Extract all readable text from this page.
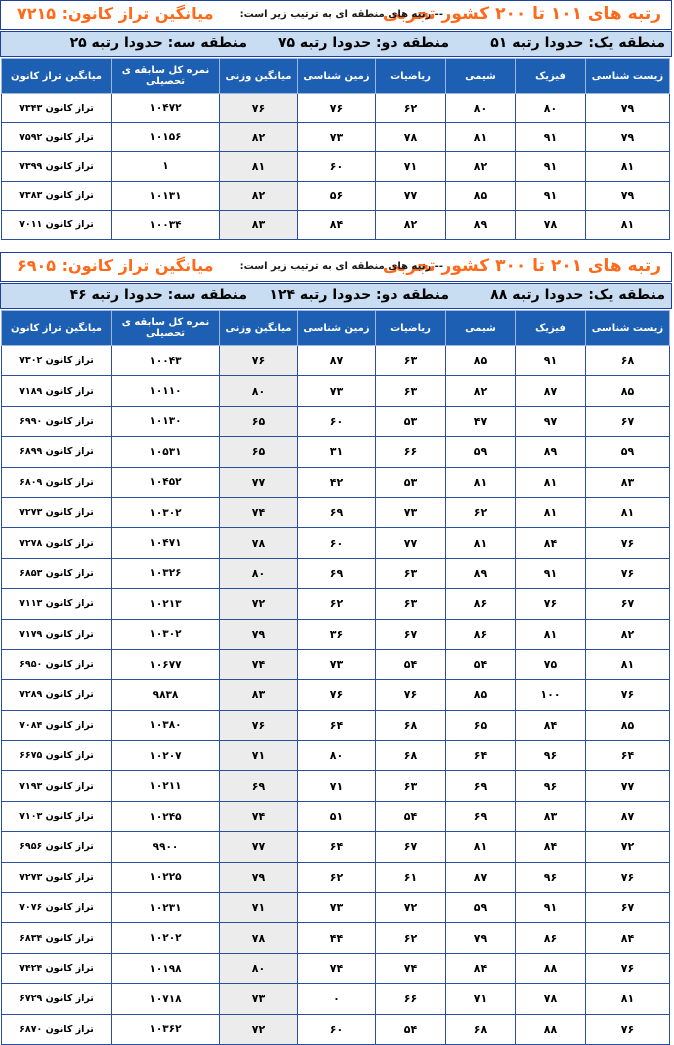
رتبه های ۱۰۱ تا ۲۰۰ کشور تجربی
-- رتبه های منطقه ای به ترتیب زیر است:
میانگین تراز کانون: ۷۲۱۵
منطقه یک: حدودا رتبه ۵۱
منطقه دو: حدودا رتبه ۷۵
منطقه سه: حدودا رتبه ۲۵
زیست شناسی	فیزیک	شیمی	ریاضیات	زمین شناسی	میانگین وزنی	نمره کل سابقه ی تحصیلی	میانگین تراز کانون
۷۹	۸۰	۸۰	۶۲	۷۶	۷۶	۱۰۴۷۲	تراز کانون ۷۳۴۳
۷۹	۹۱	۸۱	۷۸	۷۳	۸۲	۱۰۱۵۶	تراز کانون ۷۵۹۲
۸۱	۹۱	۸۲	۷۱	۶۰	۸۱	۱	تراز کانون ۷۳۹۹
۷۹	۹۱	۸۵	۷۷	۵۶	۸۲	۱۰۱۳۱	تراز کانون ۷۳۸۳
۸۱	۷۸	۸۹	۸۲	۸۴	۸۳	۱۰۰۳۴	تراز کانون ۷۰۱۱
رتبه های ۲۰۱ تا ۳۰۰ کشور تجربی
-- رتبه های منطقه ای به ترتیب زیر است:
میانگین تراز کانون: ۶۹۰۵
منطقه یک: حدودا رتبه ۸۸
منطقه دو: حدودا رتبه ۱۲۴
منطقه سه: حدودا رتبه ۴۶
زیست شناسی	فیزیک	شیمی	ریاضیات	زمین شناسی	میانگین وزنی	نمره کل سابقه ی تحصیلی	میانگین تراز کانون
۶۸	۹۱	۸۵	۶۳	۸۷	۷۶	۱۰۰۴۳	تراز کانون ۷۳۰۲
۸۵	۸۷	۸۲	۶۳	۷۳	۸۰	۱۰۱۱۰	تراز کانون ۷۱۸۹
۶۷	۹۷	۴۷	۵۳	۶۰	۶۵	۱۰۱۳۰	تراز کانون ۶۹۹۰
۵۹	۸۹	۵۹	۶۶	۳۱	۶۵	۱۰۵۳۱	تراز کانون ۶۸۹۹
۸۳	۸۱	۸۱	۵۳	۴۲	۷۷	۱۰۴۵۲	تراز کانون ۶۸۰۹
۸۱	۸۱	۶۲	۷۳	۶۹	۷۴	۱۰۳۰۲	تراز کانون ۷۲۷۳
۷۶	۸۴	۸۱	۷۷	۶۰	۷۸	۱۰۴۷۱	تراز کانون ۷۲۷۸
۷۶	۹۱	۸۹	۶۳	۶۹	۸۰	۱۰۳۲۶	تراز کانون ۶۸۵۳
۶۷	۷۶	۸۶	۶۳	۶۲	۷۲	۱۰۲۱۳	تراز کانون ۷۱۱۳
۸۲	۸۱	۸۶	۶۷	۳۶	۷۹	۱۰۳۰۲	تراز کانون ۷۱۷۹
۸۱	۷۵	۵۴	۵۴	۷۳	۷۴	۱۰۶۷۷	تراز کانون ۶۹۵۰
۷۶	۱۰۰	۸۵	۷۶	۷۶	۸۳	۹۸۳۸	تراز کانون ۷۲۸۹
۸۵	۸۴	۶۵	۶۸	۶۴	۷۶	۱۰۳۸۰	تراز کانون ۷۰۸۴
۶۴	۹۶	۶۴	۶۸	۸۰	۷۱	۱۰۲۰۷	تراز کانون ۶۶۷۵
۷۷	۹۶	۶۹	۶۳	۷۱	۶۹	۱۰۲۱۱	تراز کانون ۷۱۹۳
۸۷	۸۳	۶۹	۵۴	۵۱	۷۴	۱۰۲۴۵	تراز کانون ۷۱۰۳
۷۲	۸۴	۸۱	۶۷	۶۴	۷۷	۹۹۰۰	تراز کانون ۶۹۵۶
۷۶	۹۶	۸۷	۶۱	۶۲	۷۹	۱۰۲۲۵	تراز کانون ۷۲۷۳
۶۷	۹۱	۵۹	۷۲	۷۳	۷۱	۱۰۲۳۱	تراز کانون ۷۰۷۶
۸۴	۸۶	۷۹	۶۲	۴۴	۷۸	۱۰۲۰۲	تراز کانون ۶۸۳۴
۷۶	۸۸	۸۴	۷۴	۷۴	۸۰	۱۰۱۹۸	تراز کانون ۷۴۲۴
۸۱	۷۸	۷۱	۶۶	۰	۷۳	۱۰۷۱۸	تراز کانون ۶۷۲۹
۷۶	۸۸	۶۸	۵۴	۶۰	۷۲	۱۰۳۶۲	تراز کانون ۶۸۷۰
